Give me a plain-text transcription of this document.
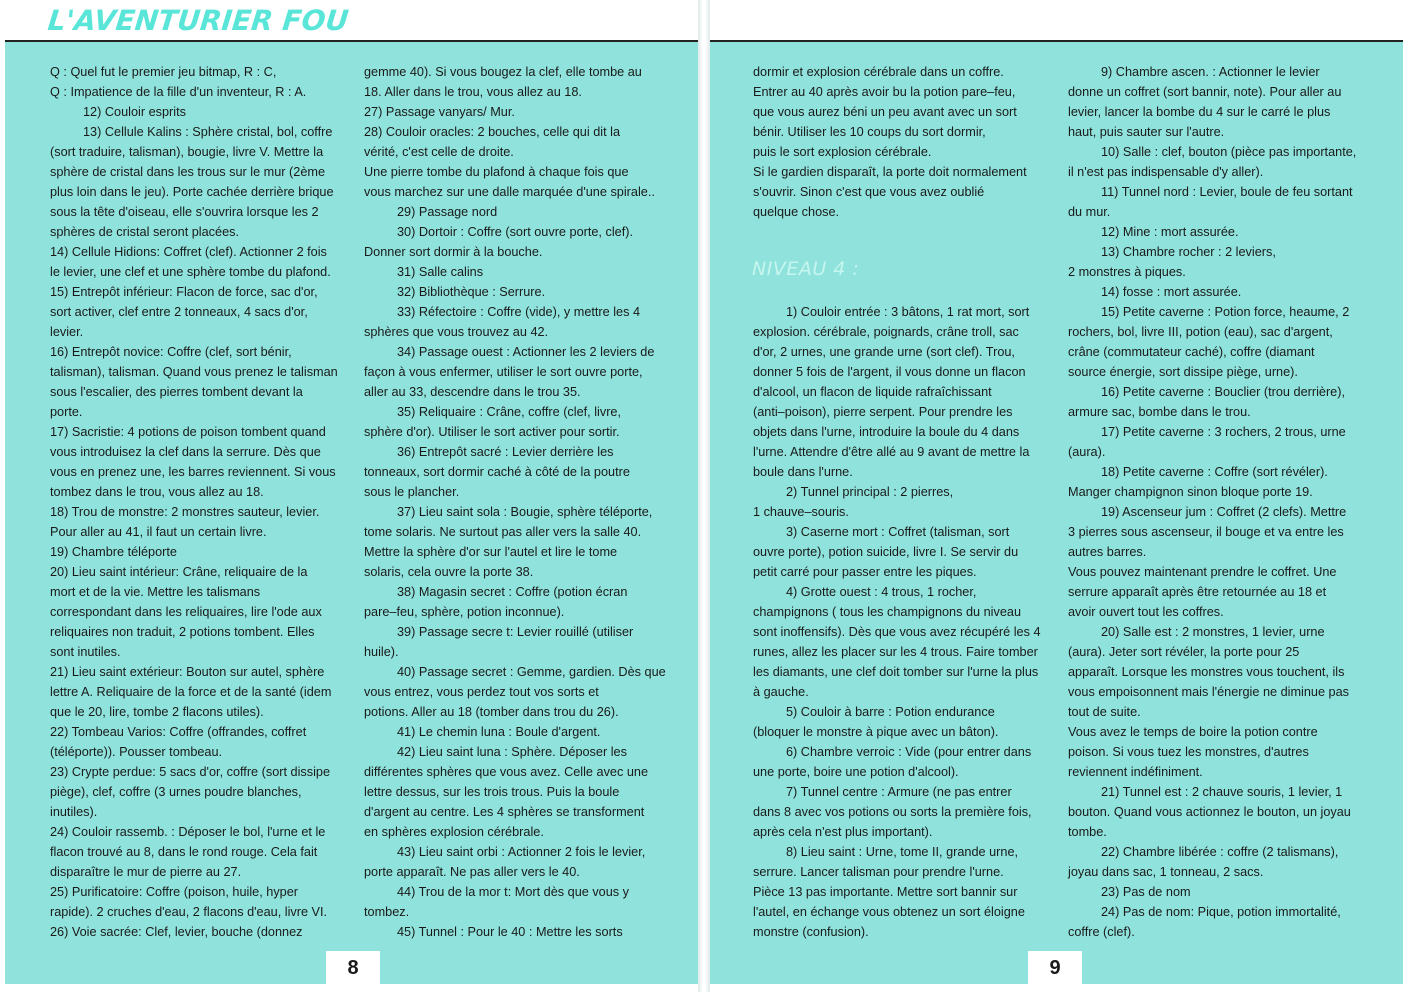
L'AVENTURIER FOU

Q : Quel fut le premier jeu bitmap, R : C,

Q : Impatience de la fille d'un inventeur, R : A.

12) Couloir esprits

13) Cellule Kalins : Sphère cristal, bol, coffre

(sort traduire, talisman), bougie, livre V. Mettre la

sphère de cristal dans les trous sur le mur (2ème

plus loin dans le jeu). Porte cachée derrière brique

sous la tête d'oiseau, elle s'ouvrira lorsque les 2

sphères de cristal seront placées.

14) Cellule Hidions: Coffret (clef). Actionner 2 fois

le levier, une clef et une sphère tombe du plafond.

15) Entrepôt inférieur: Flacon de force, sac d'or,

sort activer, clef entre 2 tonneaux, 4 sacs d'or,

levier.

16) Entrepôt novice: Coffre (clef, sort bénir,

talisman), talisman. Quand vous prenez le talisman

sous l'escalier, des pierres tombent devant la

porte.

17) Sacristie: 4 potions de poison tombent quand

vous introduisez la clef dans la serrure. Dès que

vous en prenez une, les barres reviennent. Si vous

tombez dans le trou, vous allez au 18.

18) Trou de monstre: 2 monstres sauteur, levier.

Pour aller au 41, il faut un certain livre.

19) Chambre téléporte

20) Lieu saint intérieur: Crâne, reliquaire de la

mort et de la vie. Mettre les talismans

correspondant dans les reliquaires, lire l'ode aux

reliquaires non traduit, 2 potions tombent. Elles

sont inutiles.

21) Lieu saint extérieur: Bouton sur autel, sphère

lettre A. Reliquaire de la force et de la santé (idem

que le 20, lire, tombe 2 flacons utiles).

22) Tombeau Varios: Coffre (offrandes, coffret

(téléporte)). Pousser tombeau.

23) Crypte perdue: 5 sacs d'or, coffre (sort dissipe

piège), clef, coffre (3 urnes poudre blanches,

inutiles).

24) Couloir rassemb. : Déposer le bol, l'urne et le

flacon trouvé au 8, dans le rond rouge. Cela fait

disparaître le mur de pierre au 27.

25) Purificatoire: Coffre (poison, huile, hyper

rapide). 2 cruches d'eau, 2 flacons d'eau, livre VI.

26) Voie sacrée: Clef, levier, bouche (donnez

gemme 40). Si vous bougez la clef, elle tombe au

18. Aller dans le trou, vous allez au 18.

27) Passage vanyars/ Mur.

28) Couloir oracles: 2 bouches, celle qui dit la

vérité, c'est celle de droite.

Une pierre tombe du plafond à chaque fois que

vous marchez sur une dalle marquée d'une spirale..

29) Passage nord

30) Dortoir : Coffre (sort ouvre porte, clef).

Donner sort dormir à la bouche.

31) Salle calins

32) Bibliothèque : Serrure.

33) Réfectoire : Coffre (vide), y mettre les 4

sphères que vous trouvez au 42.

34) Passage ouest : Actionner les 2 leviers de

façon à vous enfermer, utiliser le sort ouvre porte,

aller au 33, descendre dans le trou 35.

35) Reliquaire : Crâne, coffre (clef, livre,

sphère d'or). Utiliser le sort activer pour sortir.

36) Entrepôt sacré : Levier derrière les

tonneaux, sort dormir caché à côté de la poutre

sous le plancher.

37) Lieu saint sola : Bougie, sphère téléporte,

tome solaris. Ne surtout pas aller vers la salle 40.

Mettre la sphère d'or sur l'autel et lire le tome

solaris, cela ouvre la porte 38.

38) Magasin secret : Coffre (potion écran

pare–feu, sphère, potion inconnue).

39) Passage secre t: Levier rouillé (utiliser

huile).

40) Passage secret : Gemme, gardien. Dès que

vous entrez, vous perdez tout vos sorts et

potions. Aller au 18 (tomber dans trou du 26).

41) Le chemin luna : Boule d'argent.

42) Lieu saint luna : Sphère. Déposer les

différentes sphères que vous avez. Celle avec une

lettre dessus, sur les trois trous. Puis la boule

d'argent au centre. Les 4 sphères se transforment

en sphères explosion cérébrale.

43) Lieu saint orbi : Actionner 2 fois le levier,

porte apparaît. Ne pas aller vers le 40.

44) Trou de la mor t: Mort dès que vous y

tombez.

45) Tunnel : Pour le 40 : Mettre les sorts

dormir et explosion cérébrale dans un coffre.

Entrer au 40 après avoir bu la potion pare–feu,

que vous aurez béni un peu avant avec un sort

bénir. Utiliser les 10 coups du sort dormir,

puis le sort explosion cérébrale.

Si le gardien disparaît, la porte doit normalement

s'ouvrir. Sinon c'est que vous avez oublié

quelque chose.

1) Couloir entrée : 3 bâtons, 1 rat mort, sort

explosion. cérébrale, poignards, crâne troll, sac

d'or, 2 urnes, une grande urne (sort clef). Trou,

donner 5 fois de l'argent, il vous donne un flacon

d'alcool, un flacon de liquide rafraîchissant

(anti–poison), pierre serpent. Pour prendre les

objets dans l'urne, introduire la boule du 4 dans

l'urne. Attendre d'être allé au 9 avant de mettre la

boule dans l'urne.

2) Tunnel principal : 2 pierres,

1 chauve–souris.

3) Caserne mort : Coffret (talisman, sort

ouvre porte), potion suicide, livre I. Se servir du

petit carré pour passer entre les piques.

4) Grotte ouest : 4 trous, 1 rocher,

champignons ( tous les champignons du niveau

sont inoffensifs). Dès que vous avez récupéré les 4

runes, allez les placer sur les 4 trous. Faire tomber

les diamants, une clef doit tomber sur l'urne la plus

à gauche.

5) Couloir à barre : Potion endurance

(bloquer le monstre à pique avec un bâton).

6) Chambre verroic : Vide (pour entrer dans

une porte, boire une potion d'alcool).

7) Tunnel centre : Armure (ne pas entrer

dans 8 avec vos potions ou sorts la première fois,

après cela n'est plus important).

8) Lieu saint : Urne, tome II, grande urne,

serrure. Lancer talisman pour prendre l'urne.

Pièce 13 pas importante. Mettre sort bannir sur

l'autel, en échange vous obtenez un sort éloigne

monstre (confusion).

9) Chambre ascen. : Actionner le levier

donne un coffret (sort bannir, note). Pour aller au

levier, lancer la bombe du 4 sur le carré le plus

haut, puis sauter sur l'autre.

10) Salle : clef, bouton (pièce pas importante,

il n'est pas indispensable d'y aller).

11) Tunnel nord : Levier, boule de feu sortant

du mur.

12) Mine : mort assurée.

13) Chambre rocher : 2 leviers,

2 monstres à piques.

14) fosse : mort assurée.

15) Petite caverne : Potion force, heaume, 2

rochers, bol, livre III, potion (eau), sac d'argent,

crâne (commutateur caché), coffre (diamant

source énergie, sort dissipe piège, urne).

16) Petite caverne : Bouclier (trou derrière),

armure sac, bombe dans le trou.

17) Petite caverne : 3 rochers, 2 trous, urne

(aura).

18) Petite caverne : Coffre (sort révéler).

Manger champignon sinon bloque porte 19.

19) Ascenseur jum : Coffret (2 clefs). Mettre

3 pierres sous ascenseur, il bouge et va entre les

autres barres.

Vous pouvez maintenant prendre le coffret. Une

serrure apparaît après être retournée au 18 et

avoir ouvert tout les coffres.

20) Salle est : 2 monstres, 1 levier, urne

(aura). Jeter sort révéler, la porte pour 25

apparaît. Lorsque les monstres vous touchent, ils

vous empoisonnent mais l'énergie ne diminue pas

tout de suite.

Vous avez le temps de boire la potion contre

poison. Si vous tuez les monstres, d'autres

reviennent indéfiniment.

21) Tunnel est : 2 chauve souris, 1 levier, 1

bouton. Quand vous actionnez le bouton, un joyau

tombe.

22) Chambre libérée : coffre (2 talismans),

joyau dans sac, 1 tonneau, 2 sacs.

23) Pas de nom

24) Pas de nom: Pique, potion immortalité,

coffre (clef).

NIVEAU 4 :
8	9
